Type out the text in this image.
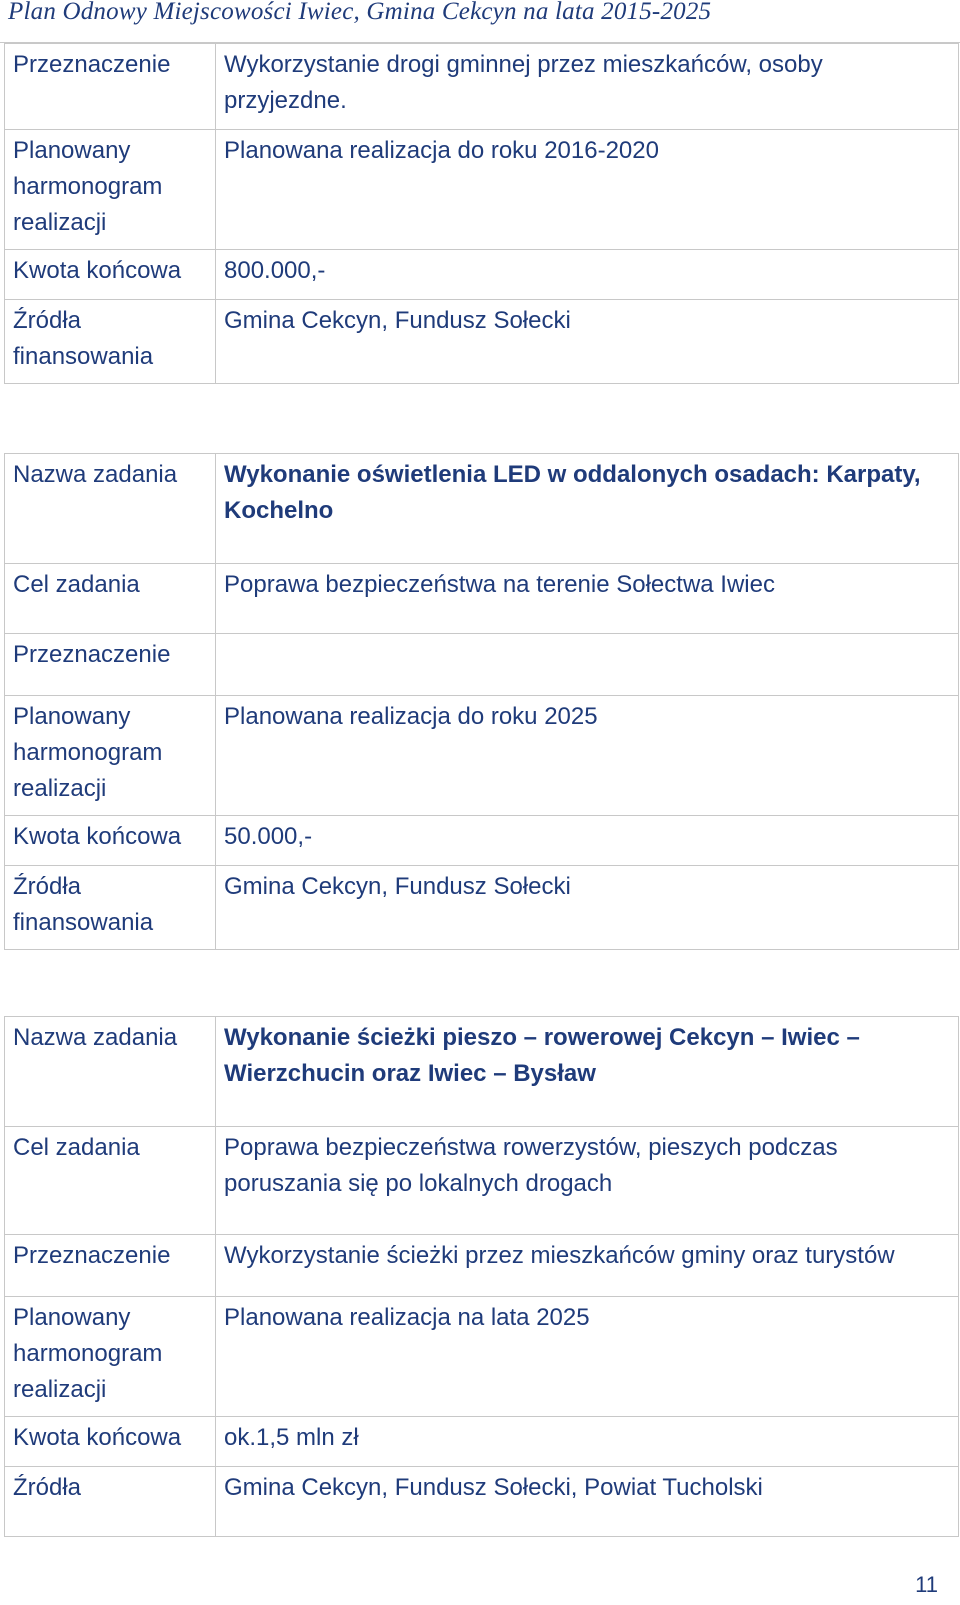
Plan Odnowy Miejscowości Iwiec, Gmina Cekcyn na lata 2015-2025
Przeznaczenie	Wykorzystanie drogi gminnej przez mieszkańców, osoby przyjezdne.
Planowany harmonogram realizacji	Planowana realizacja do roku 2016-2020
Kwota końcowa	800.000,-
Źródła finansowania	Gmina Cekcyn, Fundusz Sołecki
Nazwa zadania	Wykonanie oświetlenia LED w oddalonych osadach: Karpaty, Kochelno
Cel zadania	Poprawa bezpieczeństwa na terenie Sołectwa Iwiec
Przeznaczenie	
Planowany harmonogram realizacji	Planowana realizacja do roku 2025
Kwota końcowa	50.000,-
Źródła finansowania	Gmina Cekcyn, Fundusz Sołecki
Nazwa zadania	Wykonanie ścieżki pieszo – rowerowej Cekcyn – Iwiec – Wierzchucin oraz Iwiec – Bysław
Cel zadania	Poprawa bezpieczeństwa rowerzystów, pieszych podczas poruszania się po lokalnych drogach
Przeznaczenie	Wykorzystanie ścieżki przez mieszkańców gminy oraz turystów
Planowany harmonogram realizacji	Planowana realizacja na lata 2025
Kwota końcowa	ok.1,5 mln zł
Źródła	Gmina Cekcyn, Fundusz Sołecki, Powiat Tucholski
11
